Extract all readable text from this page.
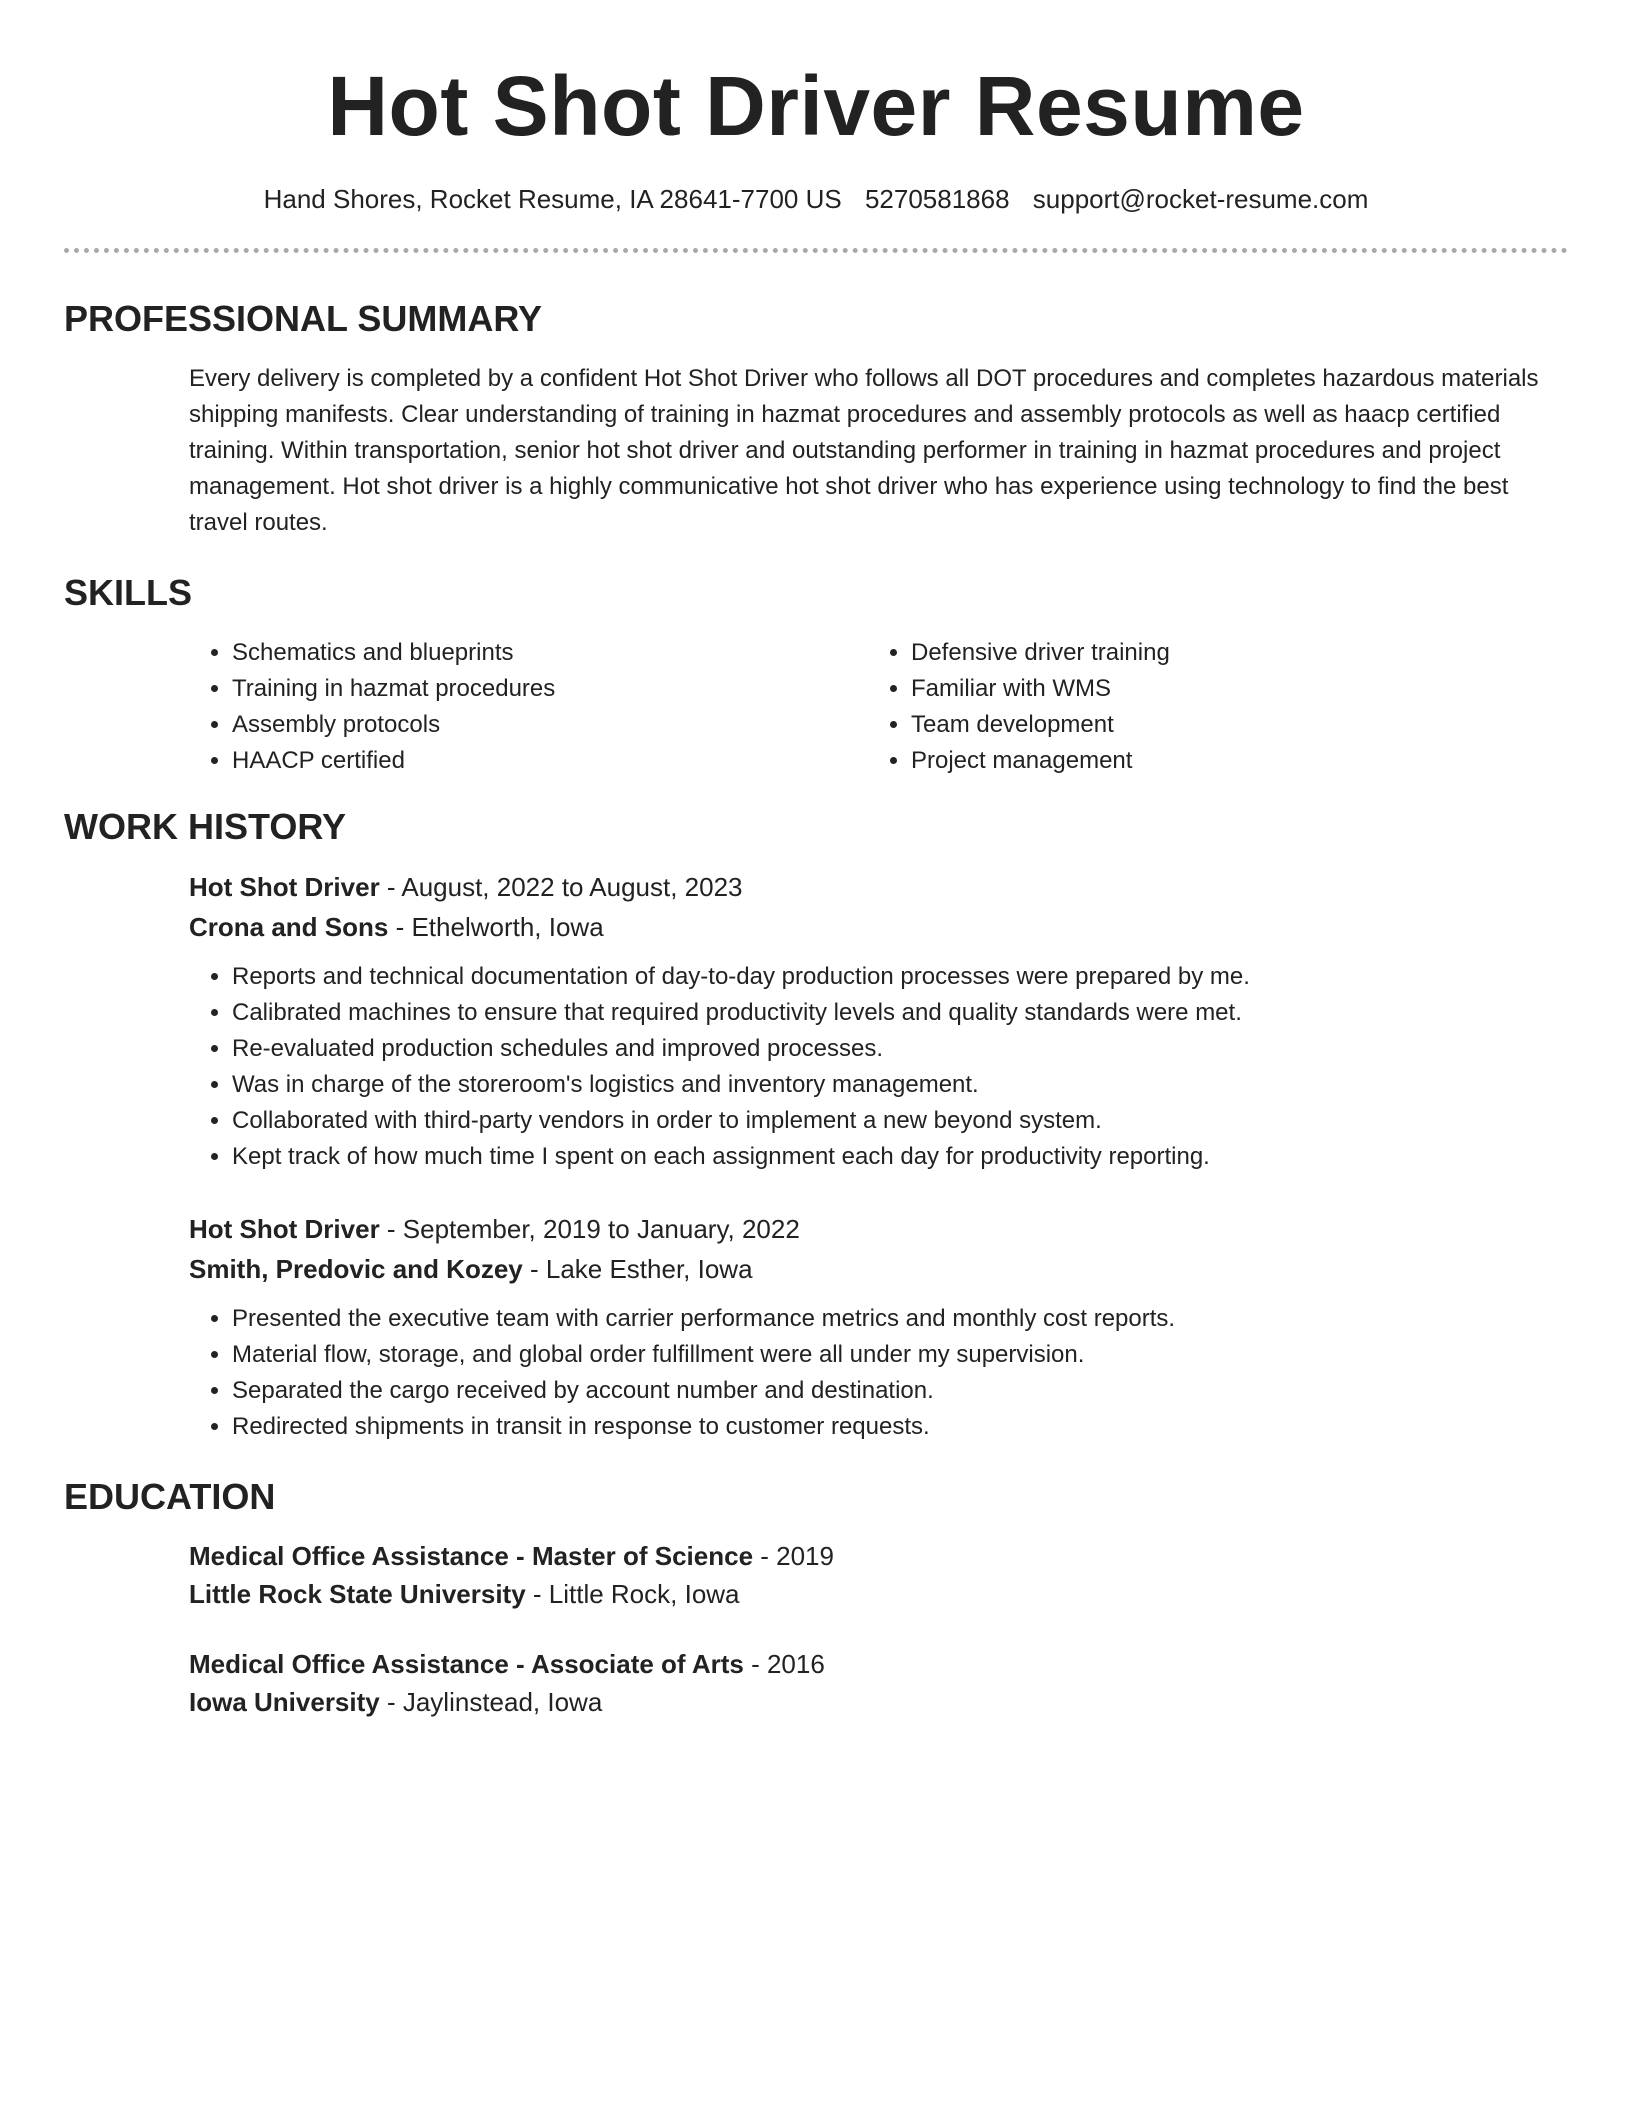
Hot Shot Driver Resume
Hand Shores, Rocket Resume, IA 28641-7700 US 5270581868 support@rocket-resume.com
PROFESSIONAL SUMMARY
Every delivery is completed by a confident Hot Shot Driver who follows all DOT procedures and completes hazardous materials shipping manifests. Clear understanding of training in hazmat procedures and assembly protocols as well as haacp certified training. Within transportation, senior hot shot driver and outstanding performer in training in hazmat procedures and project management. Hot shot driver is a highly communicative hot shot driver who has experience using technology to find the best travel routes.
SKILLS
• Schematics and blueprints
• Training in hazmat procedures
• Assembly protocols
• HAACP certified
• Defensive driver training
• Familiar with WMS
• Team development
• Project management
WORK HISTORY
Hot Shot Driver - August, 2022 to August, 2023
Crona and Sons - Ethelworth, Iowa
• Reports and technical documentation of day-to-day production processes were prepared by me.
• Calibrated machines to ensure that required productivity levels and quality standards were met.
• Re-evaluated production schedules and improved processes.
• Was in charge of the storeroom's logistics and inventory management.
• Collaborated with third-party vendors in order to implement a new beyond system.
• Kept track of how much time I spent on each assignment each day for productivity reporting.
Hot Shot Driver - September, 2019 to January, 2022
Smith, Predovic and Kozey - Lake Esther, Iowa
• Presented the executive team with carrier performance metrics and monthly cost reports.
• Material flow, storage, and global order fulfillment were all under my supervision.
• Separated the cargo received by account number and destination.
• Redirected shipments in transit in response to customer requests.
EDUCATION
Medical Office Assistance - Master of Science - 2019
Little Rock State University - Little Rock, Iowa
Medical Office Assistance - Associate of Arts - 2016
Iowa University - Jaylinstead, Iowa
